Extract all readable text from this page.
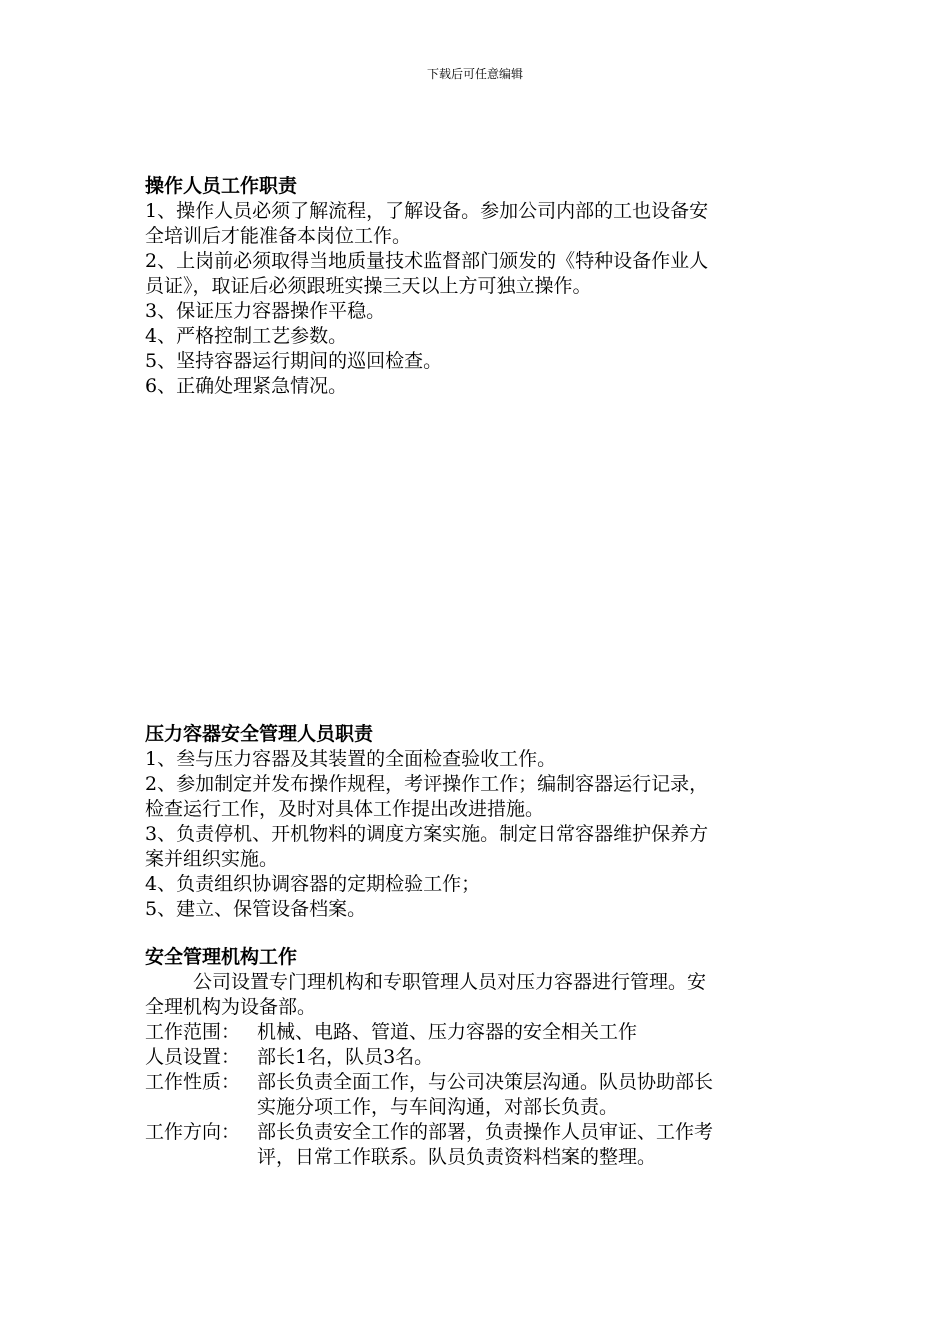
下载后可任意编辑

操作人员工作职责

1、操作人员必须了解流程，了解设备。参加公司内部的工也设备安

全培训后才能准备本岗位工作。

2、上岗前必须取得当地质量技术监督部门颁发的《特种设备作业人

员证》，取证后必须跟班实操三天以上方可独立操作。

3、保证压力容器操作平稳。

4、严格控制工艺参数。

5、坚持容器运行期间的巡回检查。

6、正确处理紧急情况。

压力容器安全管理人员职责

1、叁与压力容器及其装置的全面检查验收工作。

2、参加制定并发布操作规程，考评操作工作；编制容器运行记录，

检查运行工作，及时对具体工作提出改进措施。

3、负责停机、开机物料的调度方案实施。制定日常容器维护保养方

案并组织实施。

4、负责组织协调容器的定期检验工作；

5、建立、保管设备档案。

安全管理机构工作

公司设置专门理机构和专职管理人员对压力容器进行管理。安

全理机构为设备部。

工作范围： 机械、电路、管道、压力容器的安全相关工作
人员设置： 部长1名，队员3名。
工作性质： 部长负责全面工作，与公司决策层沟通。队员协助部长
实施分项工作，与车间沟通，对部长负责。
工作方向： 部长负责安全工作的部署，负责操作人员审证、工作考
评，日常工作联系。队员负责资料档案的整理。
